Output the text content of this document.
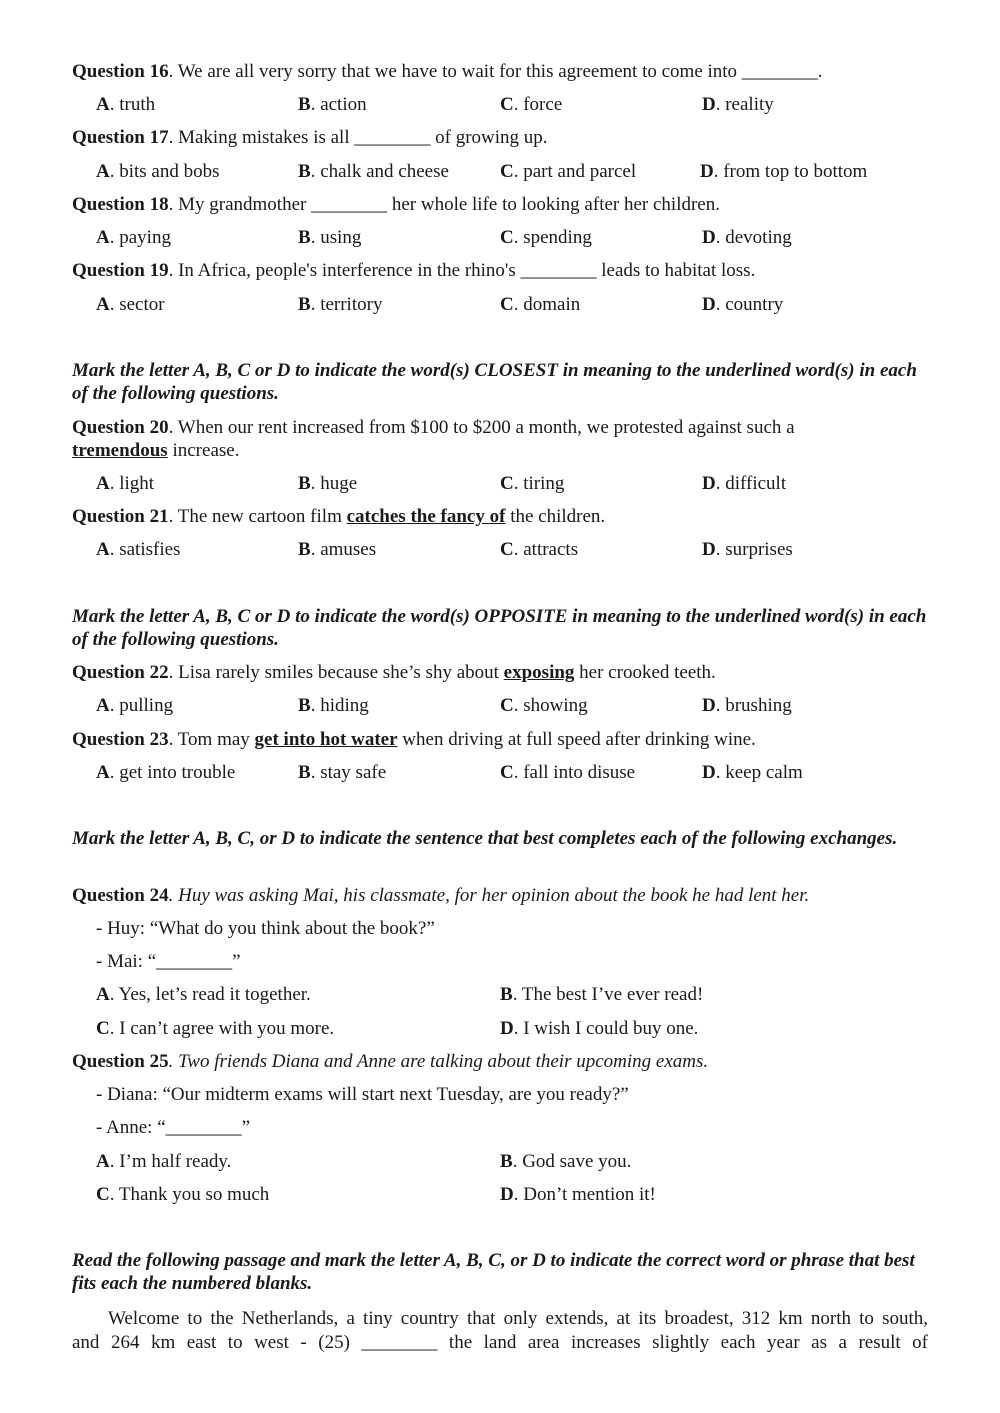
Question 16. We are all very sorry that we have to wait for this agreement to come into ________.
A. truth	B. action	C. force	D. reality
Question 17. Making mistakes is all ________ of growing up.
A. bits and bobs	B. chalk and cheese	C. part and parcel	D. from top to bottom
Question 18. My grandmother ________ her whole life to looking after her children.
A. paying	B. using	C. spending	D. devoting
Question 19. In Africa, people's interference in the rhino's ________ leads to habitat loss.
A. sector	B. territory	C. domain	D. country
Mark the letter A, B, C or D to indicate the word(s) CLOSEST in meaning to the underlined word(s) in each of the following questions.
Question 20. When our rent increased from $100 to $200 a month, we protested against such a
tremendous increase.
A. light	B. huge	C. tiring	D. difficult
Question 21. The new cartoon film catches the fancy of the children.
A. satisfies	B. amuses	C. attracts	D. surprises
Mark the letter A, B, C or D to indicate the word(s) OPPOSITE in meaning to the underlined word(s) in each of the following questions.
Question 22. Lisa rarely smiles because she’s shy about exposing her crooked teeth.
A. pulling	B. hiding	C. showing	D. brushing
Question 23. Tom may get into hot water when driving at full speed after drinking wine.
A. get into trouble	B. stay safe	C. fall into disuse	D. keep calm
Mark the letter A, B, C, or D to indicate the sentence that best completes each of the following exchanges.
Question 24. Huy was asking Mai, his classmate, for her opinion about the book he had lent her.
- Huy: “What do you think about the book?”
- Mai: “________”
A. Yes, let’s read it together.	B. The best I’ve ever read!
C. I can’t agree with you more.	D. I wish I could buy one.
Question 25. Two friends Diana and Anne are talking about their upcoming exams.
- Diana: “Our midterm exams will start next Tuesday, are you ready?”
- Anne: “________”
A. I’m half ready.	B. God save you.
C. Thank you so much	D. Don’t mention it!
Read the following passage and mark the letter A, B, C, or D to indicate the correct word or phrase that best fits each the numbered blanks.
Welcome to the Netherlands, a tiny country that only extends, at its broadest, 312 km north to south,
and 264 km east to west - (25) ________ the land area increases slightly each year as a result of
